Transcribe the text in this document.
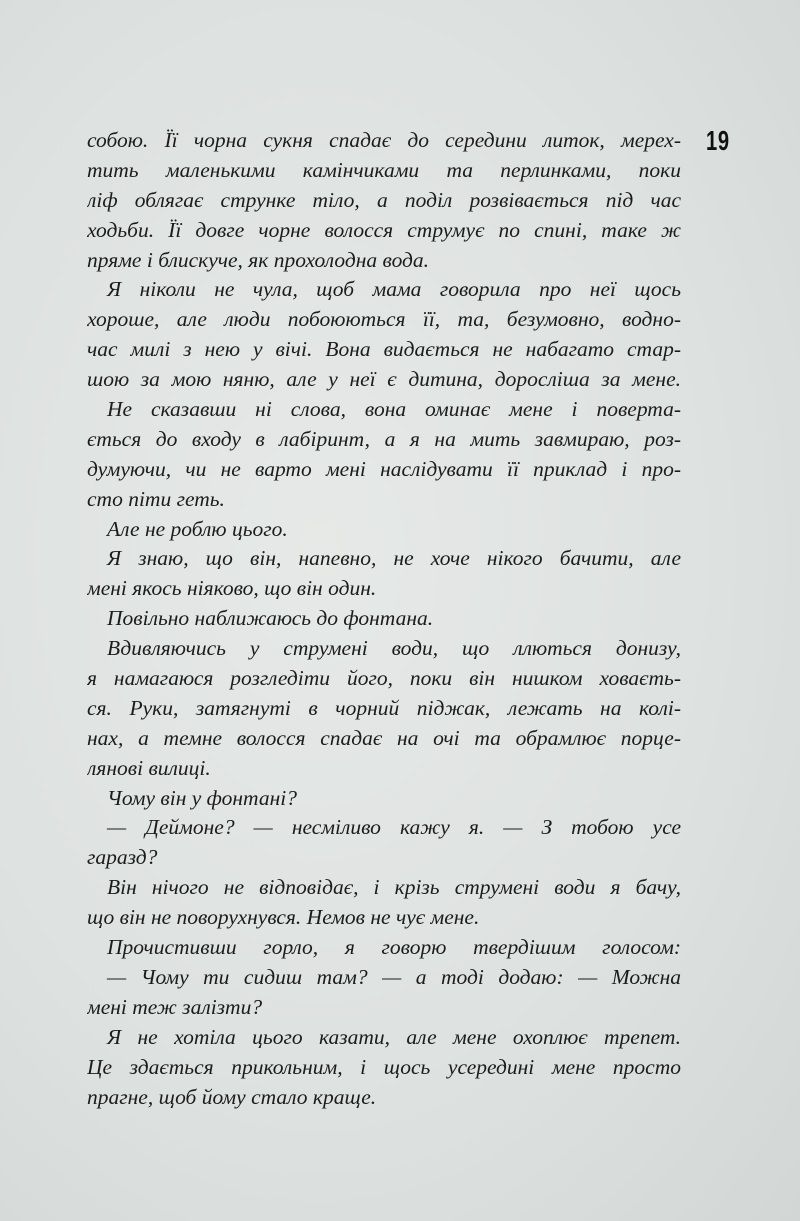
19
собою. Її чорна сукня спадає до середини литок, мерех-
тить маленькими камінчиками та перлинками, поки
ліф облягає струнке тіло, а поділ розвівається під час
ходьби. Її довге чорне волосся струмує по спині, таке ж
пряме і блискуче, як прохолодна вода.
Я ніколи не чула, щоб мама говорила про неї щось
хороше, але люди побоюються її, та, безумовно, водно-
час милі з нею у вічі. Вона видається не набагато стар-
шою за мою няню, але у неї є дитина, доросліша за мене.
Не сказавши ні слова, вона оминає мене і поверта-
ється до входу в лабіринт, а я на мить завмираю, роз-
думуючи, чи не варто мені наслідувати її приклад і про-
сто піти геть.
Але не роблю цього.
Я знаю, що він, напевно, не хоче нікого бачити, але
мені якось ніяково, що він один.
Повільно наближаюсь до фонтана.
Вдивляючись у струмені води, що ллються донизу,
я намагаюся розгледіти його, поки він нишком ховаєть-
ся. Руки, затягнуті в чорний піджак, лежать на колі-
нах, а темне волосся спадає на очі та обрамлює порце-
лянові вилиці.
Чому він у фонтані?
— Деймоне? — несміливо кажу я. — З тобою усе
гаразд?
Він нічого не відповідає, і крізь струмені води я бачу,
що він не поворухнувся. Немов не чує мене.
Прочистивши горло, я говорю твердішим голосом:
— Чому ти сидиш там? — а тоді додаю: — Можна
мені теж залізти?
Я не хотіла цього казати, але мене охоплює трепет.
Це здається прикольним, і щось усередині мене просто
прагне, щоб йому стало краще.
